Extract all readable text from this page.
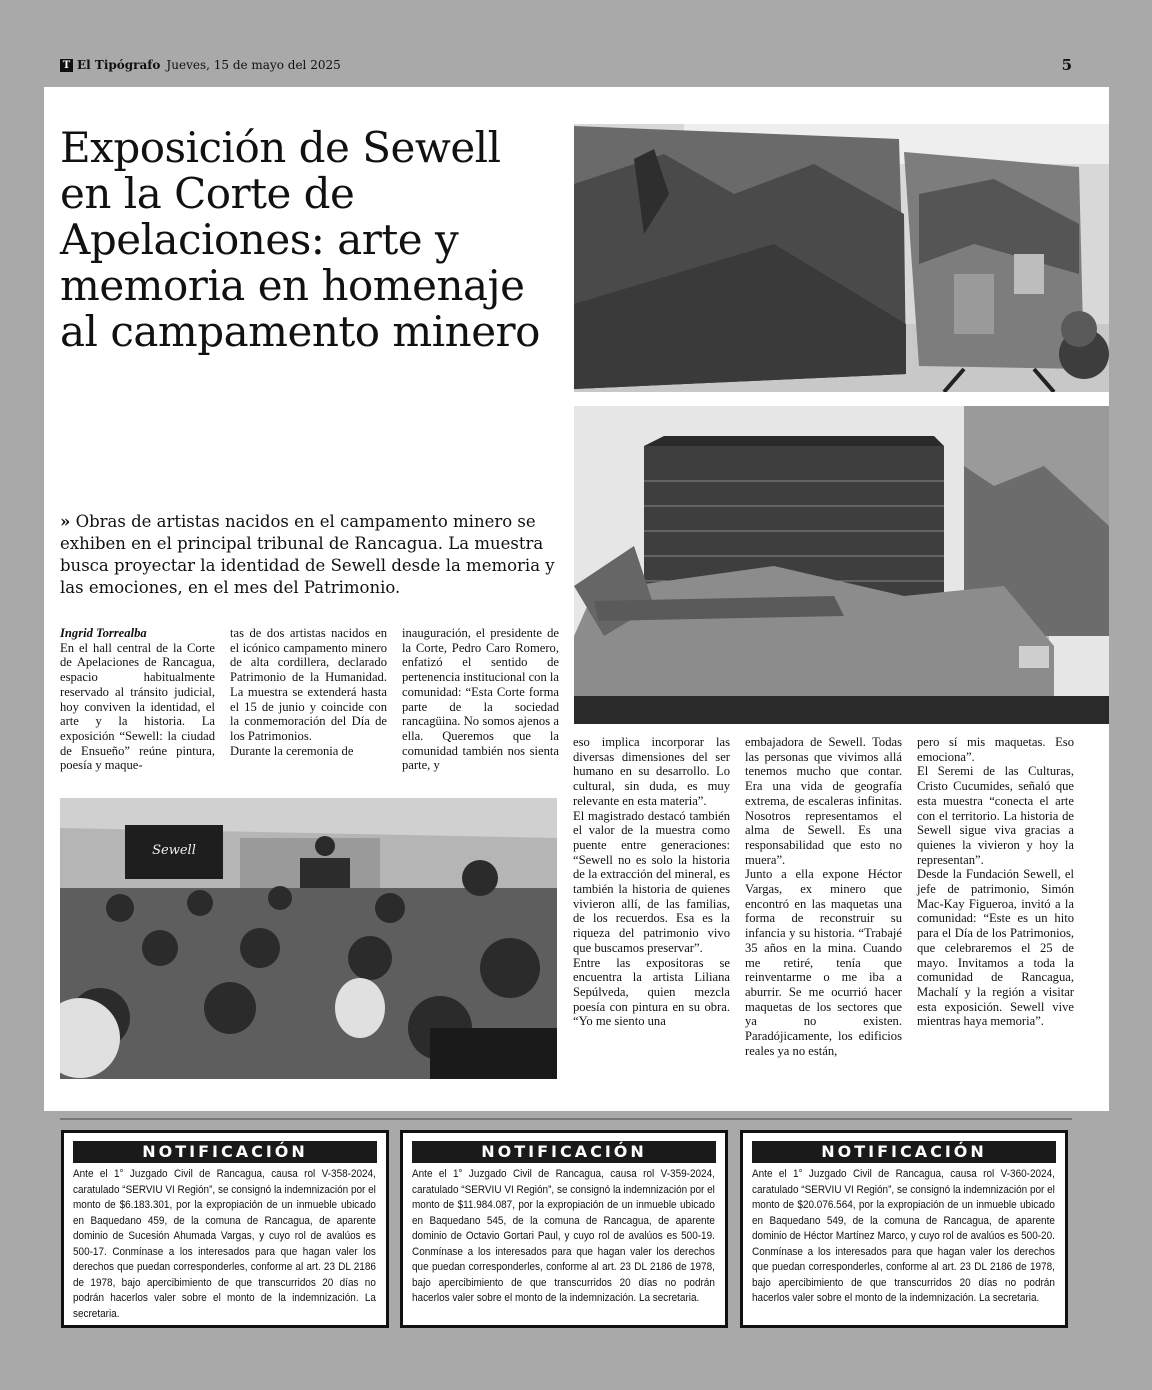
T El Tipógrafo Jueves, 15 de mayo del 2025	5
Exposición de Sewell en la Corte de Apelaciones: arte y memoria en homenaje al campamento minero

» Obras de artistas nacidos en el campamento minero se exhiben en el principal tribunal de Rancagua. La muestra busca proyectar la identidad de Sewell desde la memoria y las emociones, en el mes del Patrimonio.

Ingrid Torrealba

En el hall central de la Corte de Apelaciones de Rancagua, espacio habitualmente reservado al tránsito judicial, hoy conviven la identidad, el arte y la historia. La exposición “Sewell: la ciudad de Ensueño” reúne pintura, poesía y maque-

tas de dos artistas nacidos en el icónico campamento minero de alta cordillera, declarado Patrimonio de la Humanidad. La muestra se extenderá hasta el 15 de junio y coincide con la conmemoración del Día de los Patrimonios.

Durante la ceremonia de

inauguración, el presidente de la Corte, Pedro Caro Romero, enfatizó el sentido de pertenencia institucional con la comunidad: “Esta Corte forma parte de la sociedad rancagüina. No somos ajenos a ella. Queremos que la comunidad también nos sienta parte, y

Sewell

eso implica incorporar las diversas dimensiones del ser humano en su desarrollo. Lo cultural, sin duda, es muy relevante en esta materia”.

El magistrado destacó también el valor de la muestra como puente entre generaciones: “Sewell no es solo la historia de la extracción del mineral, es también la historia de quienes vivieron allí, de las familias, de los recuerdos. Esa es la riqueza del patrimonio vivo que buscamos preservar”.

Entre las expositoras se encuentra la artista Liliana Sepúlveda, quien mezcla poesía con pintura en su obra. “Yo me siento una

embajadora de Sewell. Todas las personas que vivimos allá tenemos mucho que contar. Era una vida de geografía extrema, de escaleras infinitas. Nosotros representamos el alma de Sewell. Es una responsabilidad que esto no muera”.

Junto a ella expone Héctor Vargas, ex minero que encontró en las maquetas una forma de reconstruir su infancia y su historia. “Trabajé 35 años en la mina. Cuando me retiré, tenía que reinventarme o me iba a aburrir. Se me ocurrió hacer maquetas de los sectores que ya no existen. Paradójicamente, los edificios reales ya no están,

pero sí mis maquetas. Eso emociona”.

El Seremi de las Culturas, Cristo Cucumides, señaló que esta muestra “conecta el arte con el territorio. La historia de Sewell sigue viva gracias a quienes la vivieron y hoy la representan”.

Desde la Fundación Sewell, el jefe de patrimonio, Simón Mac-Kay Figueroa, invitó a la comunidad: “Este es un hito para el Día de los Patrimonios, que celebraremos el 25 de mayo. Invitamos a toda la comunidad de Rancagua, Machalí y la región a visitar esta exposición. Sewell vive mientras haya memoria”.

NOTIFICACIÓN

Ante el 1° Juzgado Civil de Rancagua, causa rol V-358-2024, caratulado “SERVIU VI Región”, se consignó la indemnización por el monto de $6.183.301, por la expropiación de un inmueble ubicado en Baquedano 459, de la comuna de Rancagua, de aparente dominio de Sucesión Ahumada Vargas, y cuyo rol de avalúos es 500-17. Conmínase a los interesados para que hagan valer los derechos que puedan corresponderles, conforme al art. 23 DL 2186 de 1978, bajo apercibimiento de que transcurridos 20 días no podrán hacerlos valer sobre el monto de la indemnización. La secretaria.

NOTIFICACIÓN

Ante el 1° Juzgado Civil de Rancagua, causa rol V-359-2024, caratulado “SERVIU VI Región”, se consignó la indemnización por el monto de $11.984.087, por la expropiación de un inmueble ubicado en Baquedano 545, de la comuna de Rancagua, de aparente dominio de Octavio Gortari Paul, y cuyo rol de avalúos es 500-19. Conmínase a los interesados para que hagan valer los derechos que puedan corresponderles, conforme al art. 23 DL 2186 de 1978, bajo apercibimiento de que transcurridos 20 días no podrán hacerlos valer sobre el monto de la indemnización. La secretaria.

NOTIFICACIÓN

Ante el 1° Juzgado Civil de Rancagua, causa rol V-360-2024, caratulado “SERVIU VI Región”, se consignó la indemnización por el monto de $20.076.564, por la expropiación de un inmueble ubicado en Baquedano 549, de la comuna de Rancagua, de aparente dominio de Héctor Martínez Marco, y cuyo rol de avalúos es 500-20. Conmínase a los interesados para que hagan valer los derechos que puedan corresponderles, conforme al art. 23 DL 2186 de 1978, bajo apercibimiento de que transcurridos 20 días no podrán hacerlos valer sobre el monto de la indemnización. La secretaria.
